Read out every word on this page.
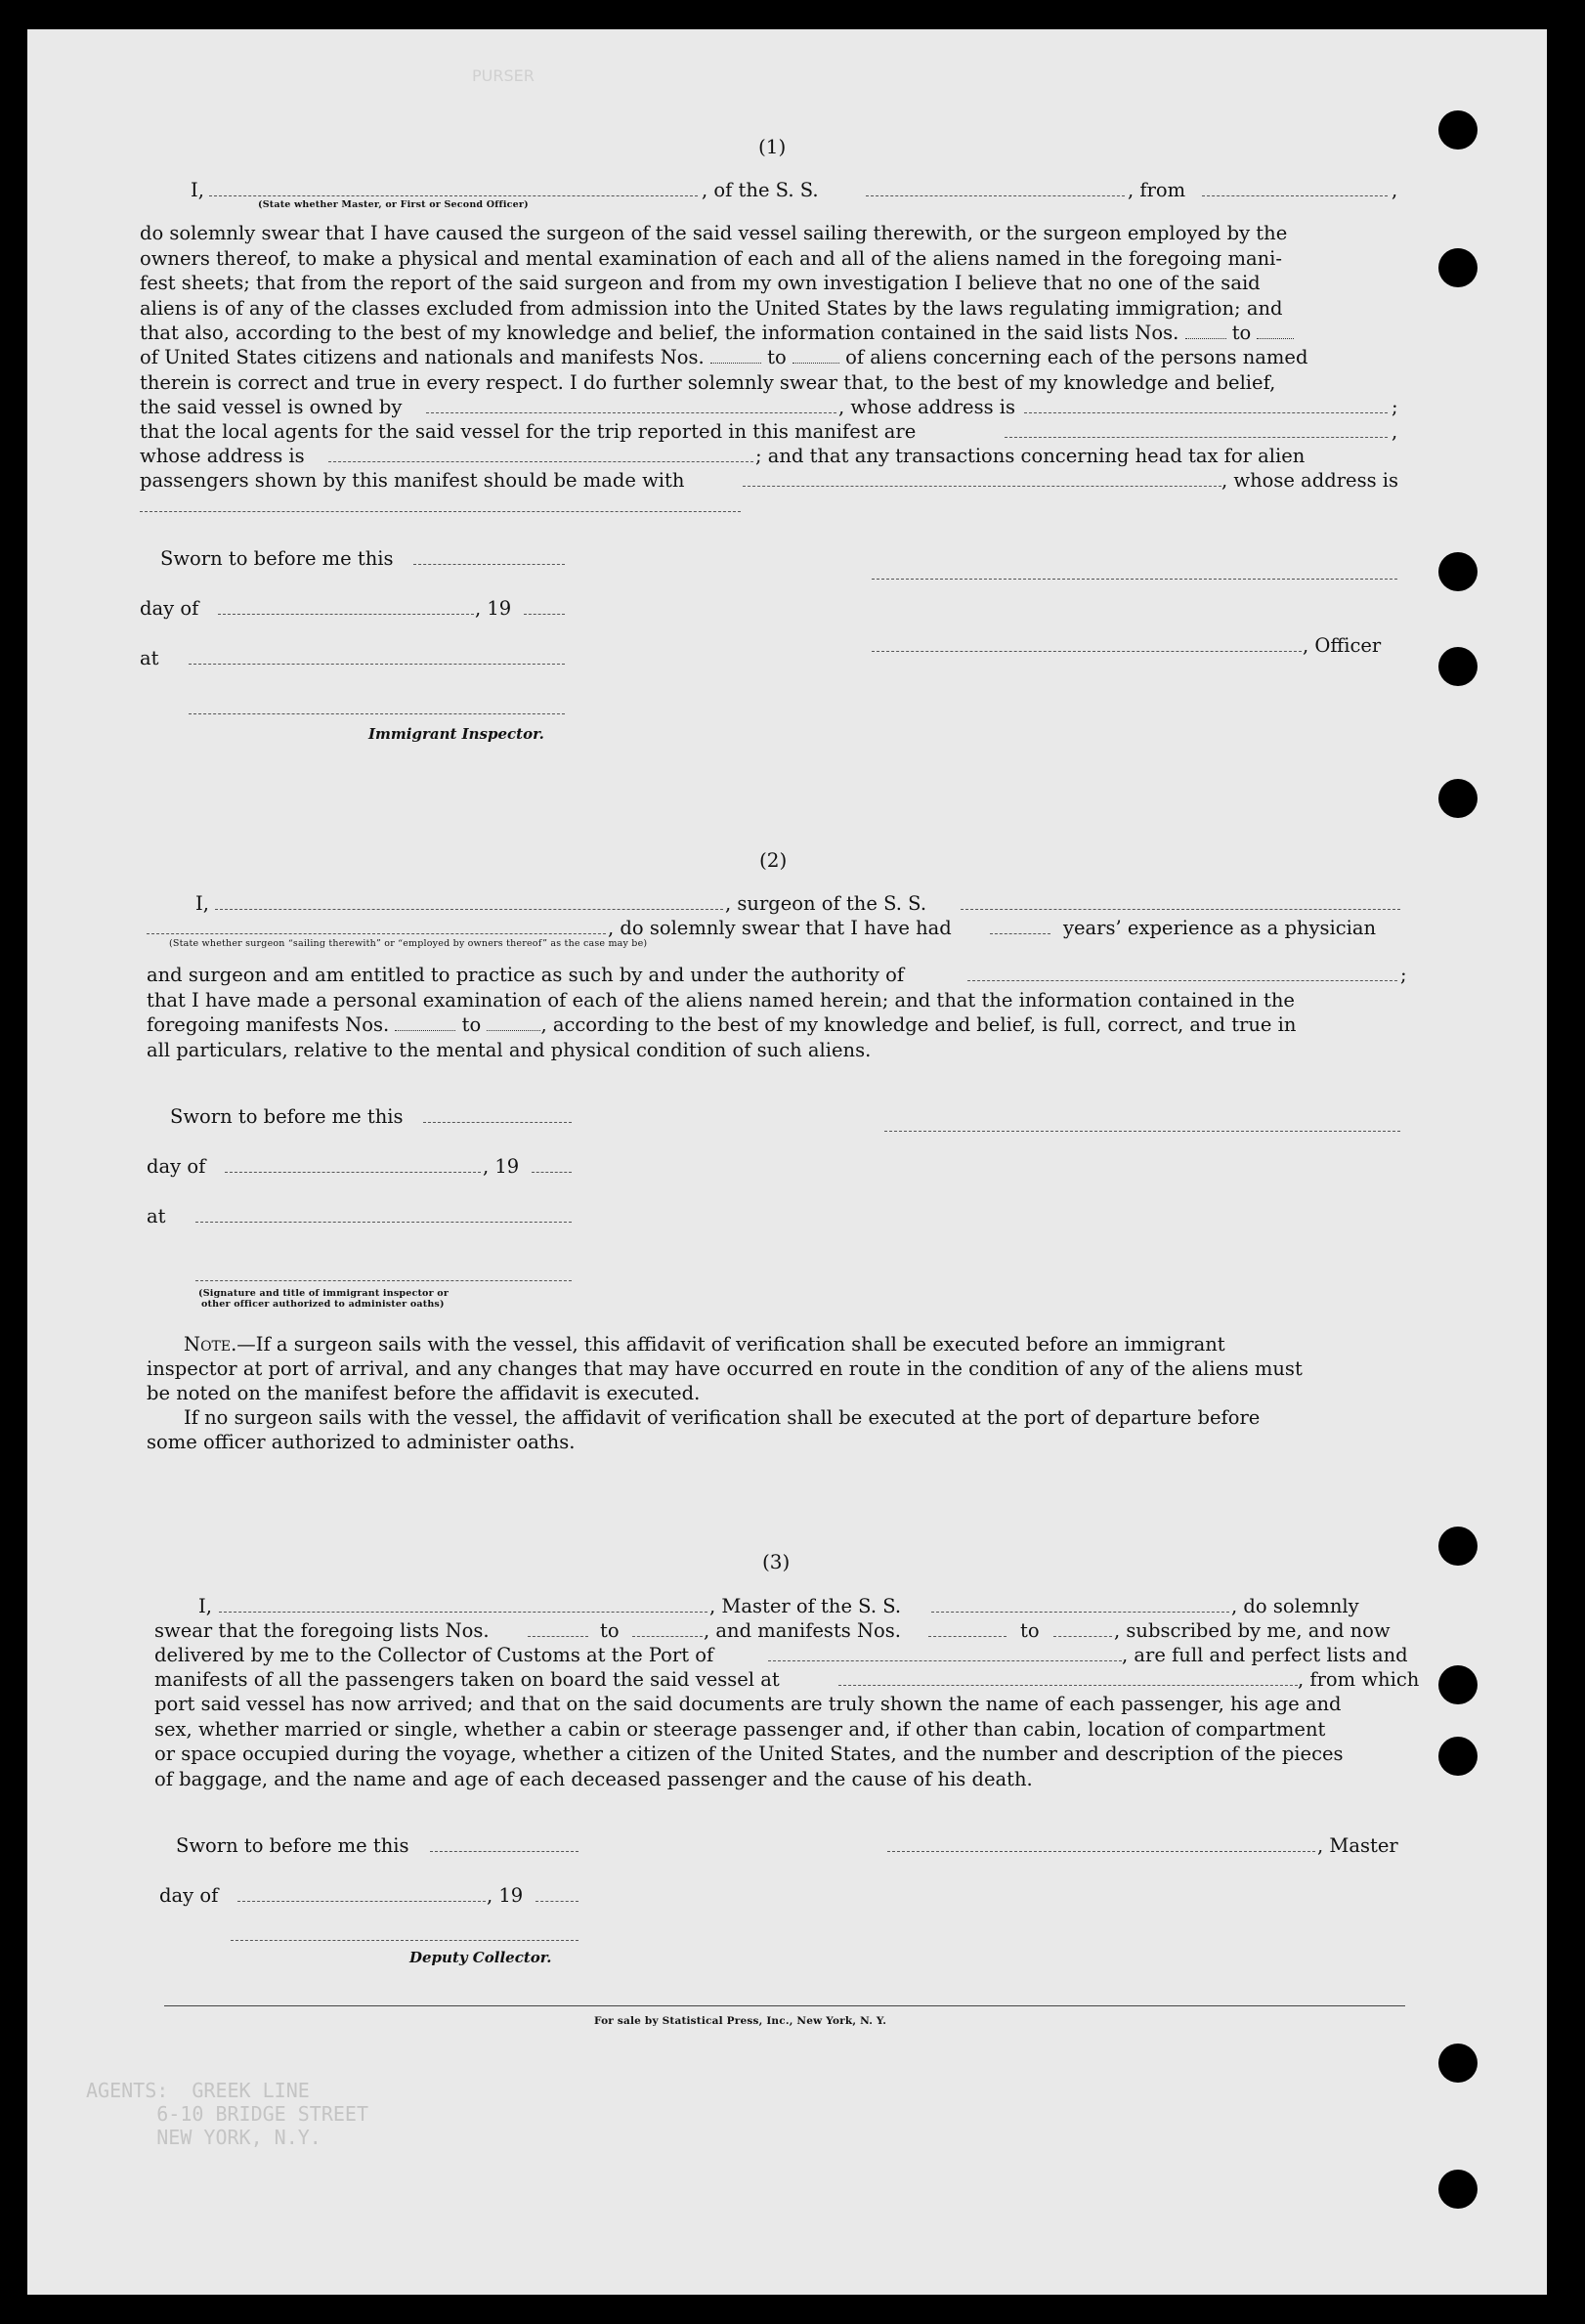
PURSER
(1)
I,
(State whether Master, or First or Second Officer)
, of the S. S.	, from	,
do solemnly swear that I have caused the surgeon of the said vessel sailing therewith, or the surgeon employed by the
owners thereof, to make a physical and mental examination of each and all of the aliens named in the foregoing mani-
fest sheets; that from the report of the said surgeon and from my own investigation I believe that no one of the said
aliens is of any of the classes excluded from admission into the United States by the laws regulating immigration; and
that also, according to the best of my knowledge and belief, the information contained in the said lists Nos.	to
of United States citizens and nationals and manifests Nos.	to	of aliens concerning each of the persons named
therein is correct and true in every respect. I do further solemnly swear that, to the best of my knowledge and belief,
the said vessel is owned by	, whose address is	;
that the local agents for the said vessel for the trip reported in this manifest are	,
whose address is	; and that any transactions concerning head tax for alien
passengers shown by this manifest should be made with	, whose address is
Sworn to before me this
day of	, 19
at
Immigrant Inspector.
, Officer
(2)
I,	, surgeon of the S. S.
, do solemnly swear that I have had	years’ experience as a physician
(State whether surgeon “sailing therewith” or “employed by owners thereof” as the case may be)
and surgeon and am entitled to practice as such by and under the authority of	;
that I have made a personal examination of each of the aliens named herein; and that the information contained in the
foregoing manifests Nos.	to	, according to the best of my knowledge and belief, is full, correct, and true in
all particulars, relative to the mental and physical condition of such aliens.
Sworn to before me this
day of	, 19
at
(Signature and title of immigrant inspector or
other officer authorized to administer oaths)
Note.—If a surgeon sails with the vessel, this affidavit of verification shall be executed before an immigrant
inspector at port of arrival, and any changes that may have occurred en route in the condition of any of the aliens must
be noted on the manifest before the affidavit is executed.
If no surgeon sails with the vessel, the affidavit of verification shall be executed at the port of departure before
some officer authorized to administer oaths.
(3)
I,	, Master of the S. S.	, do solemnly
swear that the foregoing lists Nos.	to	, and manifests Nos.	to	, subscribed by me, and now
delivered by me to the Collector of Customs at the Port of	, are full and perfect lists and
manifests of all the passengers taken on board the said vessel at	, from which
port said vessel has now arrived; and that on the said documents are truly shown the name of each passenger, his age and
sex, whether married or single, whether a cabin or steerage passenger and, if other than cabin, location of compartment
or space occupied during the voyage, whether a citizen of the United States, and the number and description of the pieces
of baggage, and the name and age of each deceased passenger and the cause of his death.
Sworn to before me this
day of	, 19
Deputy Collector.
, Master
For sale by Statistical Press, Inc., New York, N. Y.
AGENTS:  GREEK LINE
6-10 BRIDGE STREET
NEW YORK, N.Y.
